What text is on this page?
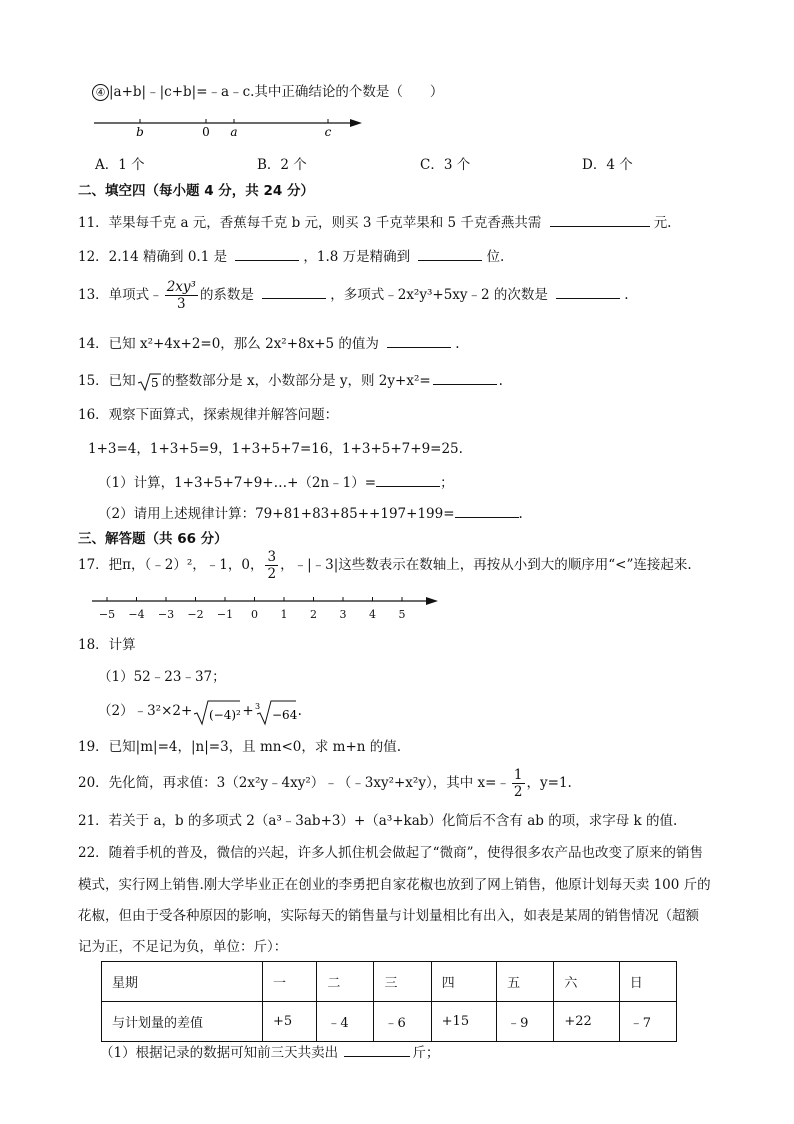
④ |a+b|﹣|c+b|=﹣a﹣c.其中正确结论的个数是（　　）
b	0 a	c
A．1 个	B．2 个	C．3 个	D．4 个
二、填空四（每小题 4 分，共 24 分）
11．苹果每千克 a 元，香蕉每千克 b 元，则买 3 千克苹果和 5 千克香燕共需	元.
12．2.14 精确到 0.1 是	，1.8 万是精确到	位.
13．单项式﹣ $\frac{\text{2xy³}}{3}$ 的系数是	，多项式﹣2x²y³+5xy﹣2 的次数是	.
14．已知 x²+4x+2=0，那么 2x²+8x+5 的值为	.
15．已知 5 的整数部分是 x，小数部分是 y，则 2y+x²=	.
16．观察下面算式，探索规律并解答问题：
1+3=4，1+3+5=9，1+3+5+7=16，1+3+5+7+9=25.
（1）计算，1+3+5+7+9+…+（2n﹣1）=	；
（2）请用上述规律计算：79+81+83+85++197+199=	.
三、解答题（共 66 分）
17．把π，（﹣2）²，﹣1，0， $\frac{3}{2}$ ，﹣|﹣3|这些数表示在数轴上，再按从小到大的顺序用“<”连接起来.
−5 −4 −3 −2 −1 0 1 2 3 4 5
18．计算
（1）52﹣23﹣37；
（2）﹣3²×2+ (−4)² + 3
−64 .
19．已知|m|=4，|n|=3，且 mn<0，求 m+n 的值.
20．先化简，再求值：3（2x²y﹣4xy²）﹣（﹣3xy²+x²y），其中 x=﹣ $\frac{1}{2}$ ，y=1.
21．若关于 a，b 的多项式 2（a³﹣3ab+3）+（a³+kab）化简后不含有 ab 的项，求字母 k 的值.
22．随着手机的普及，微信的兴起，许多人抓住机会做起了“微商”，使得很多农产品也改变了原来的销售
模式，实行网上销售.刚大学毕业正在创业的李勇把自家花椒也放到了网上销售，他原计划每天卖 100 斤的
花椒，但由于受各种原因的影响，实际每天的销售量与计划量相比有出入，如表是某周的销售情况（超额
记为正，不足记为负，单位：斤）：
星期	一	二	三	四	五	六	日
与计划量的差值	+5	﹣4	﹣6	+15	﹣9	+22	﹣7
（1）根据记录的数据可知前三天共卖出	斤；
